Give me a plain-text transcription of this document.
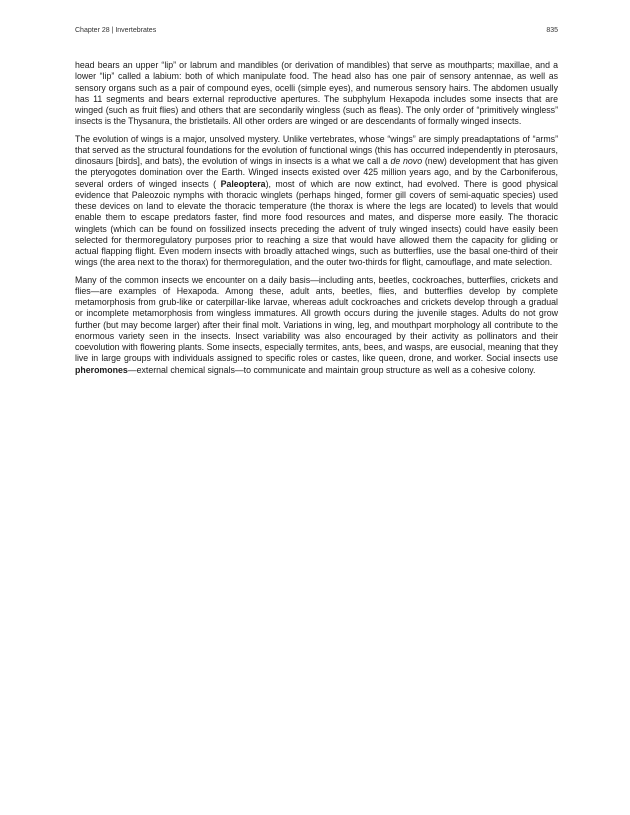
Chapter 28 | Invertebrates	835

head bears an upper “lip” or labrum and mandibles (or derivation of mandibles) that serve as mouthparts; maxillae, and a lower “lip” called a labium: both of which manipulate food. The head also has one pair of sensory antennae, as well as sensory organs such as a pair of compound eyes, ocelli (simple eyes), and numerous sensory hairs. The abdomen usually has 11 segments and bears external reproductive apertures. The subphylum Hexapoda includes some insects that are winged (such as fruit flies) and others that are secondarily wingless (such as fleas). The only order of “primitively wingless” insects is the Thysanura, the bristletails. All other orders are winged or are descendants of formally winged insects.

The evolution of wings is a major, unsolved mystery. Unlike vertebrates, whose “wings” are simply preadaptations of “arms” that served as the structural foundations for the evolution of functional wings (this has occurred independently in pterosaurs, dinosaurs [birds], and bats), the evolution of wings in insects is a what we call a de novo (new) development that has given the pteryogotes domination over the Earth. Winged insects existed over 425 million years ago, and by the Carboniferous, several orders of winged insects ( Paleoptera), most of which are now extinct, had evolved. There is good physical evidence that Paleozoic nymphs with thoracic winglets (perhaps hinged, former gill covers of semi-aquatic species) used these devices on land to elevate the thoracic temperature (the thorax is where the legs are located) to levels that would enable them to escape predators faster, find more food resources and mates, and disperse more easily. The thoracic winglets (which can be found on fossilized insects preceding the advent of truly winged insects) could have easily been selected for thermoregulatory purposes prior to reaching a size that would have allowed them the capacity for gliding or actual flapping flight. Even modern insects with broadly attached wings, such as butterflies, use the basal one-third of their wings (the area next to the thorax) for thermoregulation, and the outer two-thirds for flight, camouflage, and mate selection.

Many of the common insects we encounter on a daily basis—including ants, beetles, cockroaches, butterflies, crickets and flies—are examples of Hexapoda. Among these, adult ants, beetles, flies, and butterflies develop by complete metamorphosis from grub-like or caterpillar-like larvae, whereas adult cockroaches and crickets develop through a gradual or incomplete metamorphosis from wingless immatures. All growth occurs during the juvenile stages. Adults do not grow further (but may become larger) after their final molt. Variations in wing, leg, and mouthpart morphology all contribute to the enormous variety seen in the insects. Insect variability was also encouraged by their activity as pollinators and their coevolution with flowering plants. Some insects, especially termites, ants, bees, and wasps, are eusocial, meaning that they live in large groups with individuals assigned to specific roles or castes, like queen, drone, and worker. Social insects use pheromones—external chemical signals—to communicate and maintain group structure as well as a cohesive colony.
